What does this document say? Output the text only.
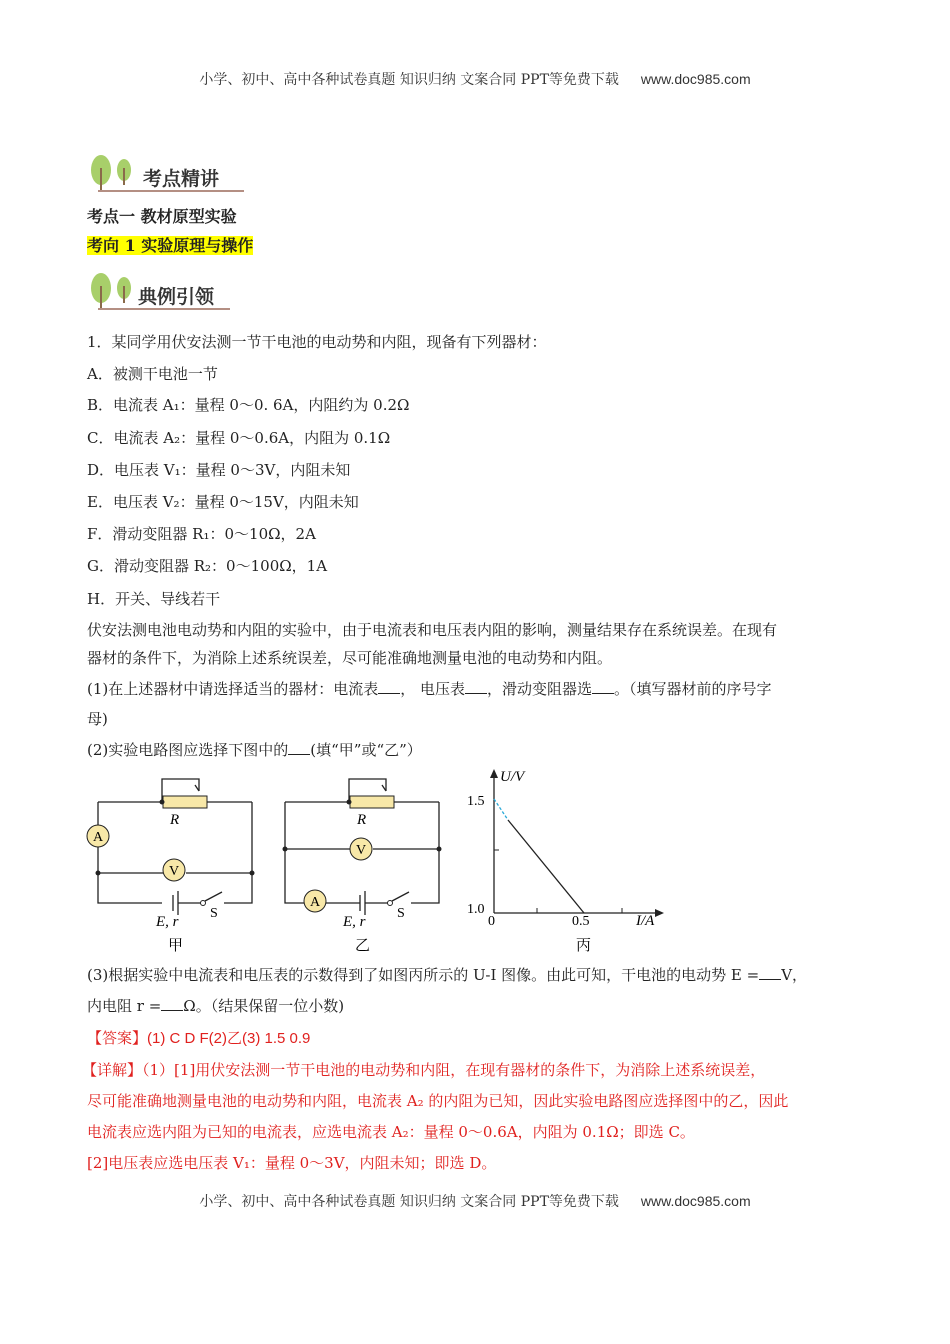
小学、初中、高中各种试卷真题 知识归纳 文案合同 PPT等免费下载 www.doc985.com
考点精讲
考点一 教材原型实验
考向 1 实验原理与操作
典例引领
1．某同学用伏安法测一节干电池的电动势和内阻，现备有下列器材：
A．被测干电池一节
B．电流表 A₁：量程 0～0. 6A，内阻约为 0.2Ω
C．电流表 A₂：量程 0～0.6A，内阻为 0.1Ω
D．电压表 V₁：量程 0～3V，内阻未知
E．电压表 V₂：量程 0～15V，内阻未知
F．滑动变阻器 R₁：0～10Ω，2A
G．滑动变阻器 R₂：0～100Ω，1A
H．开关、导线若干
伏安法测电池电动势和内阻的实验中，由于电流表和电压表内阻的影响，测量结果存在系统误差。在现有
器材的条件下，为消除上述系统误差，尽可能准确地测量电池的电动势和内阻。
(1)在上述器材中请选择适当的器材：电流表 ， 电压表 ，滑动变阻器选 。（填写器材前的序号字
母)
(2)实验电路图应选择下图中的 (填“甲”或“乙”）
A
V
R
E, r
S
甲
A
V
R
E, r
S
乙
U/V
1.5
1.0
0	0.5	I/A
丙
(3)根据实验中电流表和电压表的示数得到了如图丙所示的 U-I 图像。由此可知，干电池的电动势 E = V，
内电阻 r = Ω。（结果保留一位小数)
【答案】(1) C D F(2)乙(3) 1.5 0.9
【详解】（1）[1]用伏安法测一节干电池的电动势和内阻，在现有器材的条件下，为消除上述系统误差，
尽可能准确地测量电池的电动势和内阻，电流表 A₂ 的内阻为已知，因此实验电路图应选择图中的乙，因此
电流表应选内阻为已知的电流表，应选电流表 A₂：量程 0～0.6A，内阻为 0.1Ω；即选 C。
[2]电压表应选电压表 V₁：量程 0～3V，内阻未知；即选 D。
小学、初中、高中各种试卷真题 知识归纳 文案合同 PPT等免费下载 www.doc985.com
